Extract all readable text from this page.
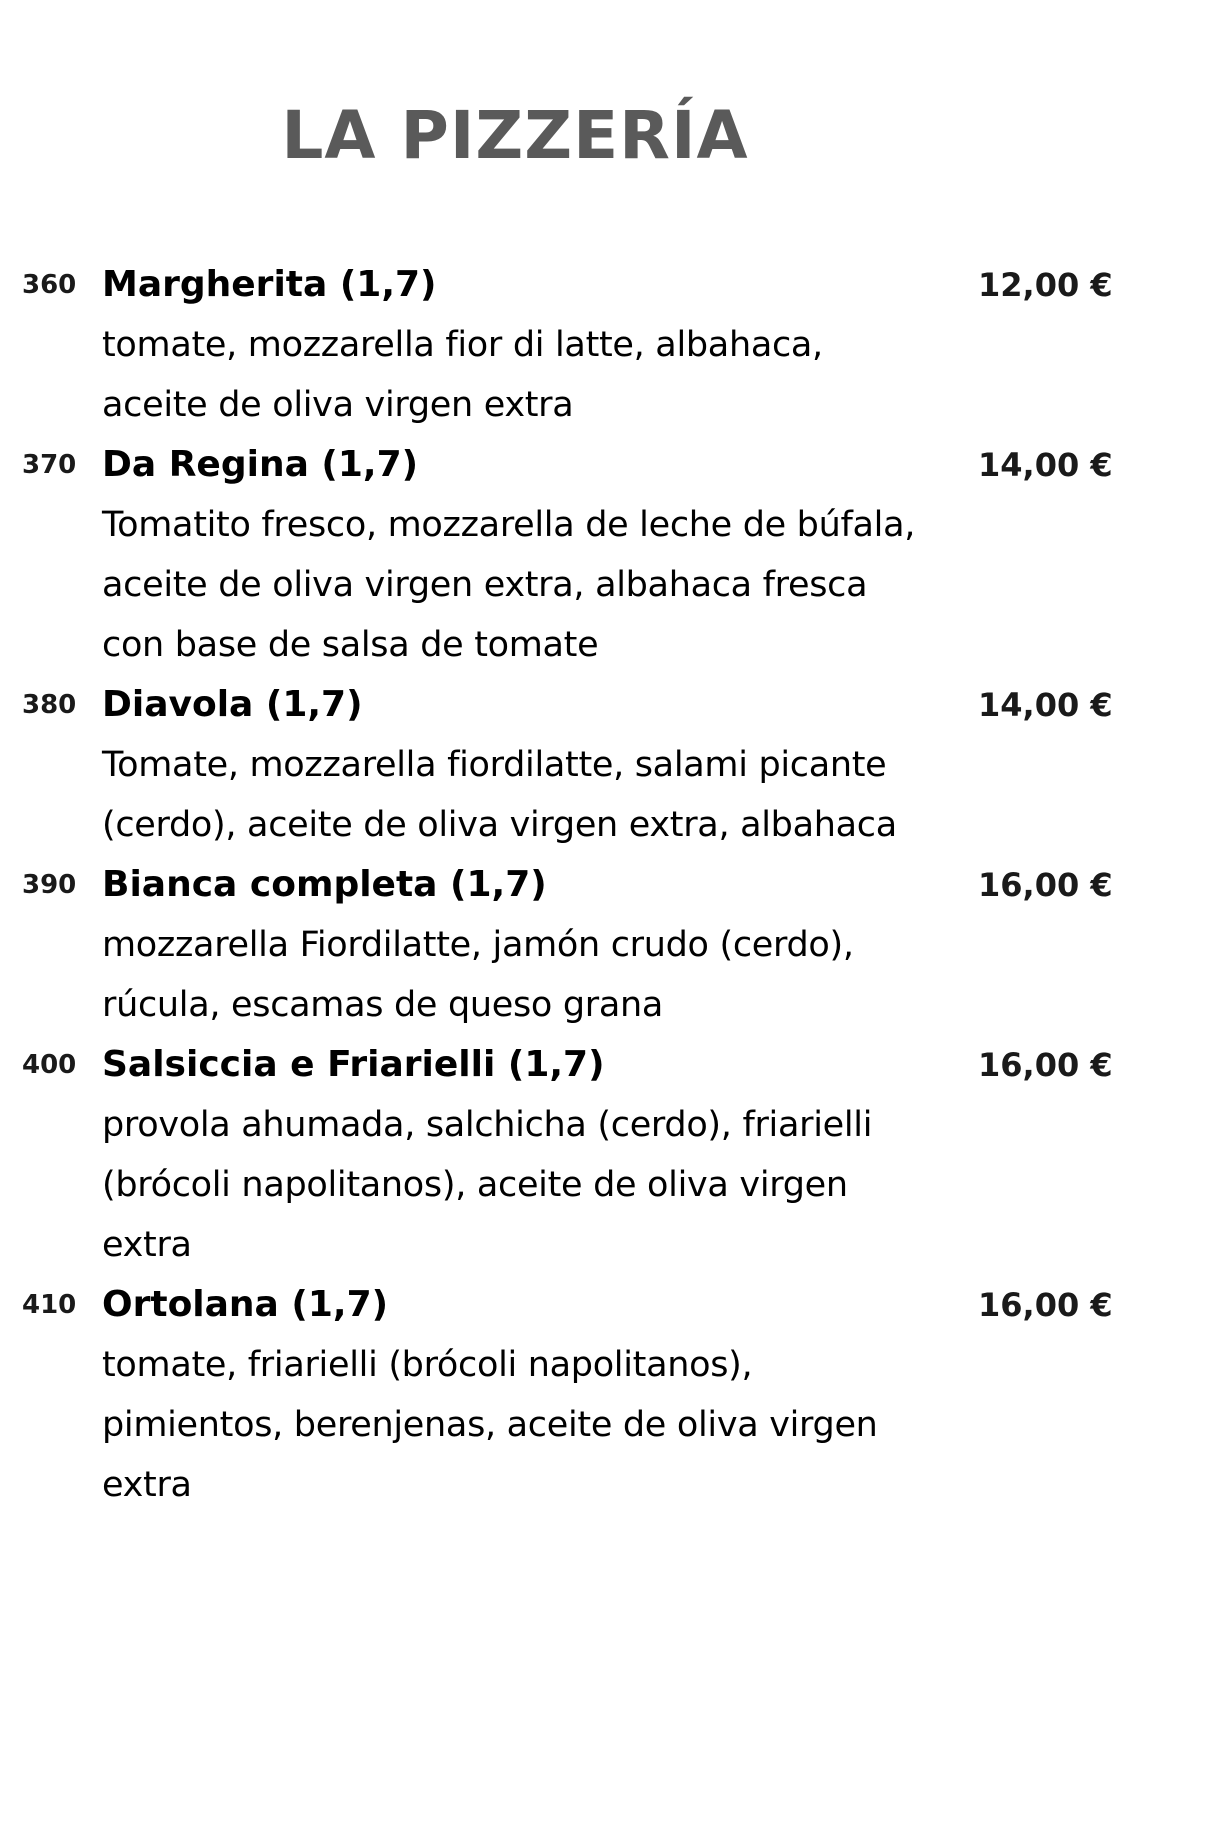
LA PIZZERÍA
360 Margherita (1,7)
tomate, mozzarella fior di latte, albahaca, aceite de oliva virgen extra
12,00 €
370 Da Regina (1,7)
Tomatito fresco, mozzarella de leche de búfala, aceite de oliva virgen extra, albahaca fresca con base de salsa de tomate
14,00 €
380 Diavola (1,7)
Tomate, mozzarella fiordilatte, salami picante (cerdo), aceite de oliva virgen extra, albahaca
14,00 €
390 Bianca completa (1,7)
mozzarella Fiordilatte, jamón crudo (cerdo), rúcula, escamas de queso grana
16,00 €
400 Salsiccia e Friarielli (1,7)
provola ahumada, salchicha (cerdo), friarielli (brócoli napolitanos), aceite de oliva virgen extra
16,00 €
410 Ortolana (1,7)
tomate, friarielli (brócoli napolitanos), pimientos, berenjenas, aceite de oliva virgen extra
16,00 €
